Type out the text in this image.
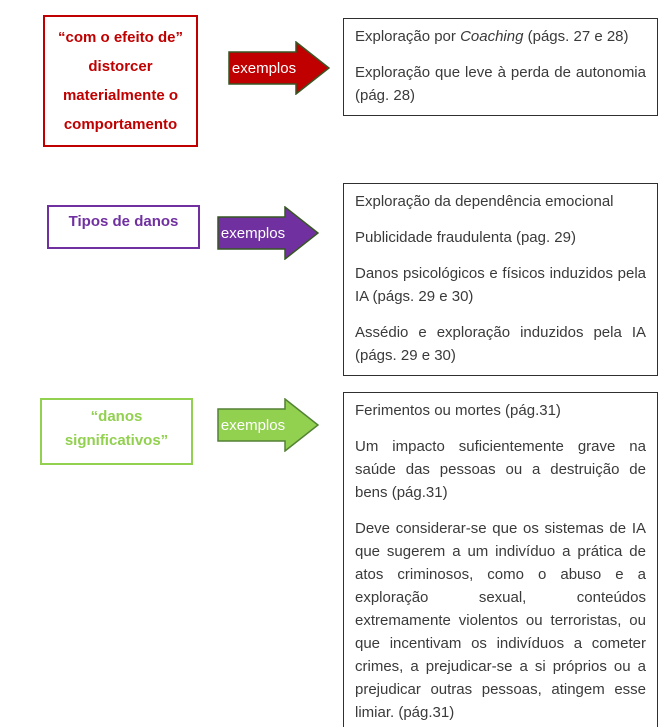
“com o efeito de” distorcer materialmente o comportamento
exemplos

Exploração por Coaching (págs. 27 e 28)

Exploração que leve à perda de autonomia (pág. 28)

Tipos de danos
exemplos

Exploração da dependência emocional

Publicidade fraudulenta (pag. 29)

Danos psicológicos e físicos induzidos pela IA (págs. 29 e 30)

Assédio e exploração induzidos pela IA (págs. 29 e 30)

“danos significativos”
exemplos

Ferimentos ou mortes (pág.31)

Um impacto suficientemente grave na saúde das pessoas ou a destruição de bens (pág.31)

Deve considerar-se que os sistemas de IA que sugerem a um indivíduo a prática de atos criminosos, como o abuso e a exploração sexual, conteúdos extremamente violentos ou terroristas, ou que incentivam os indivíduos a cometer crimes, a prejudicar-se a si próprios ou a prejudicar outras pessoas, atingem esse limiar. (pág.31)
